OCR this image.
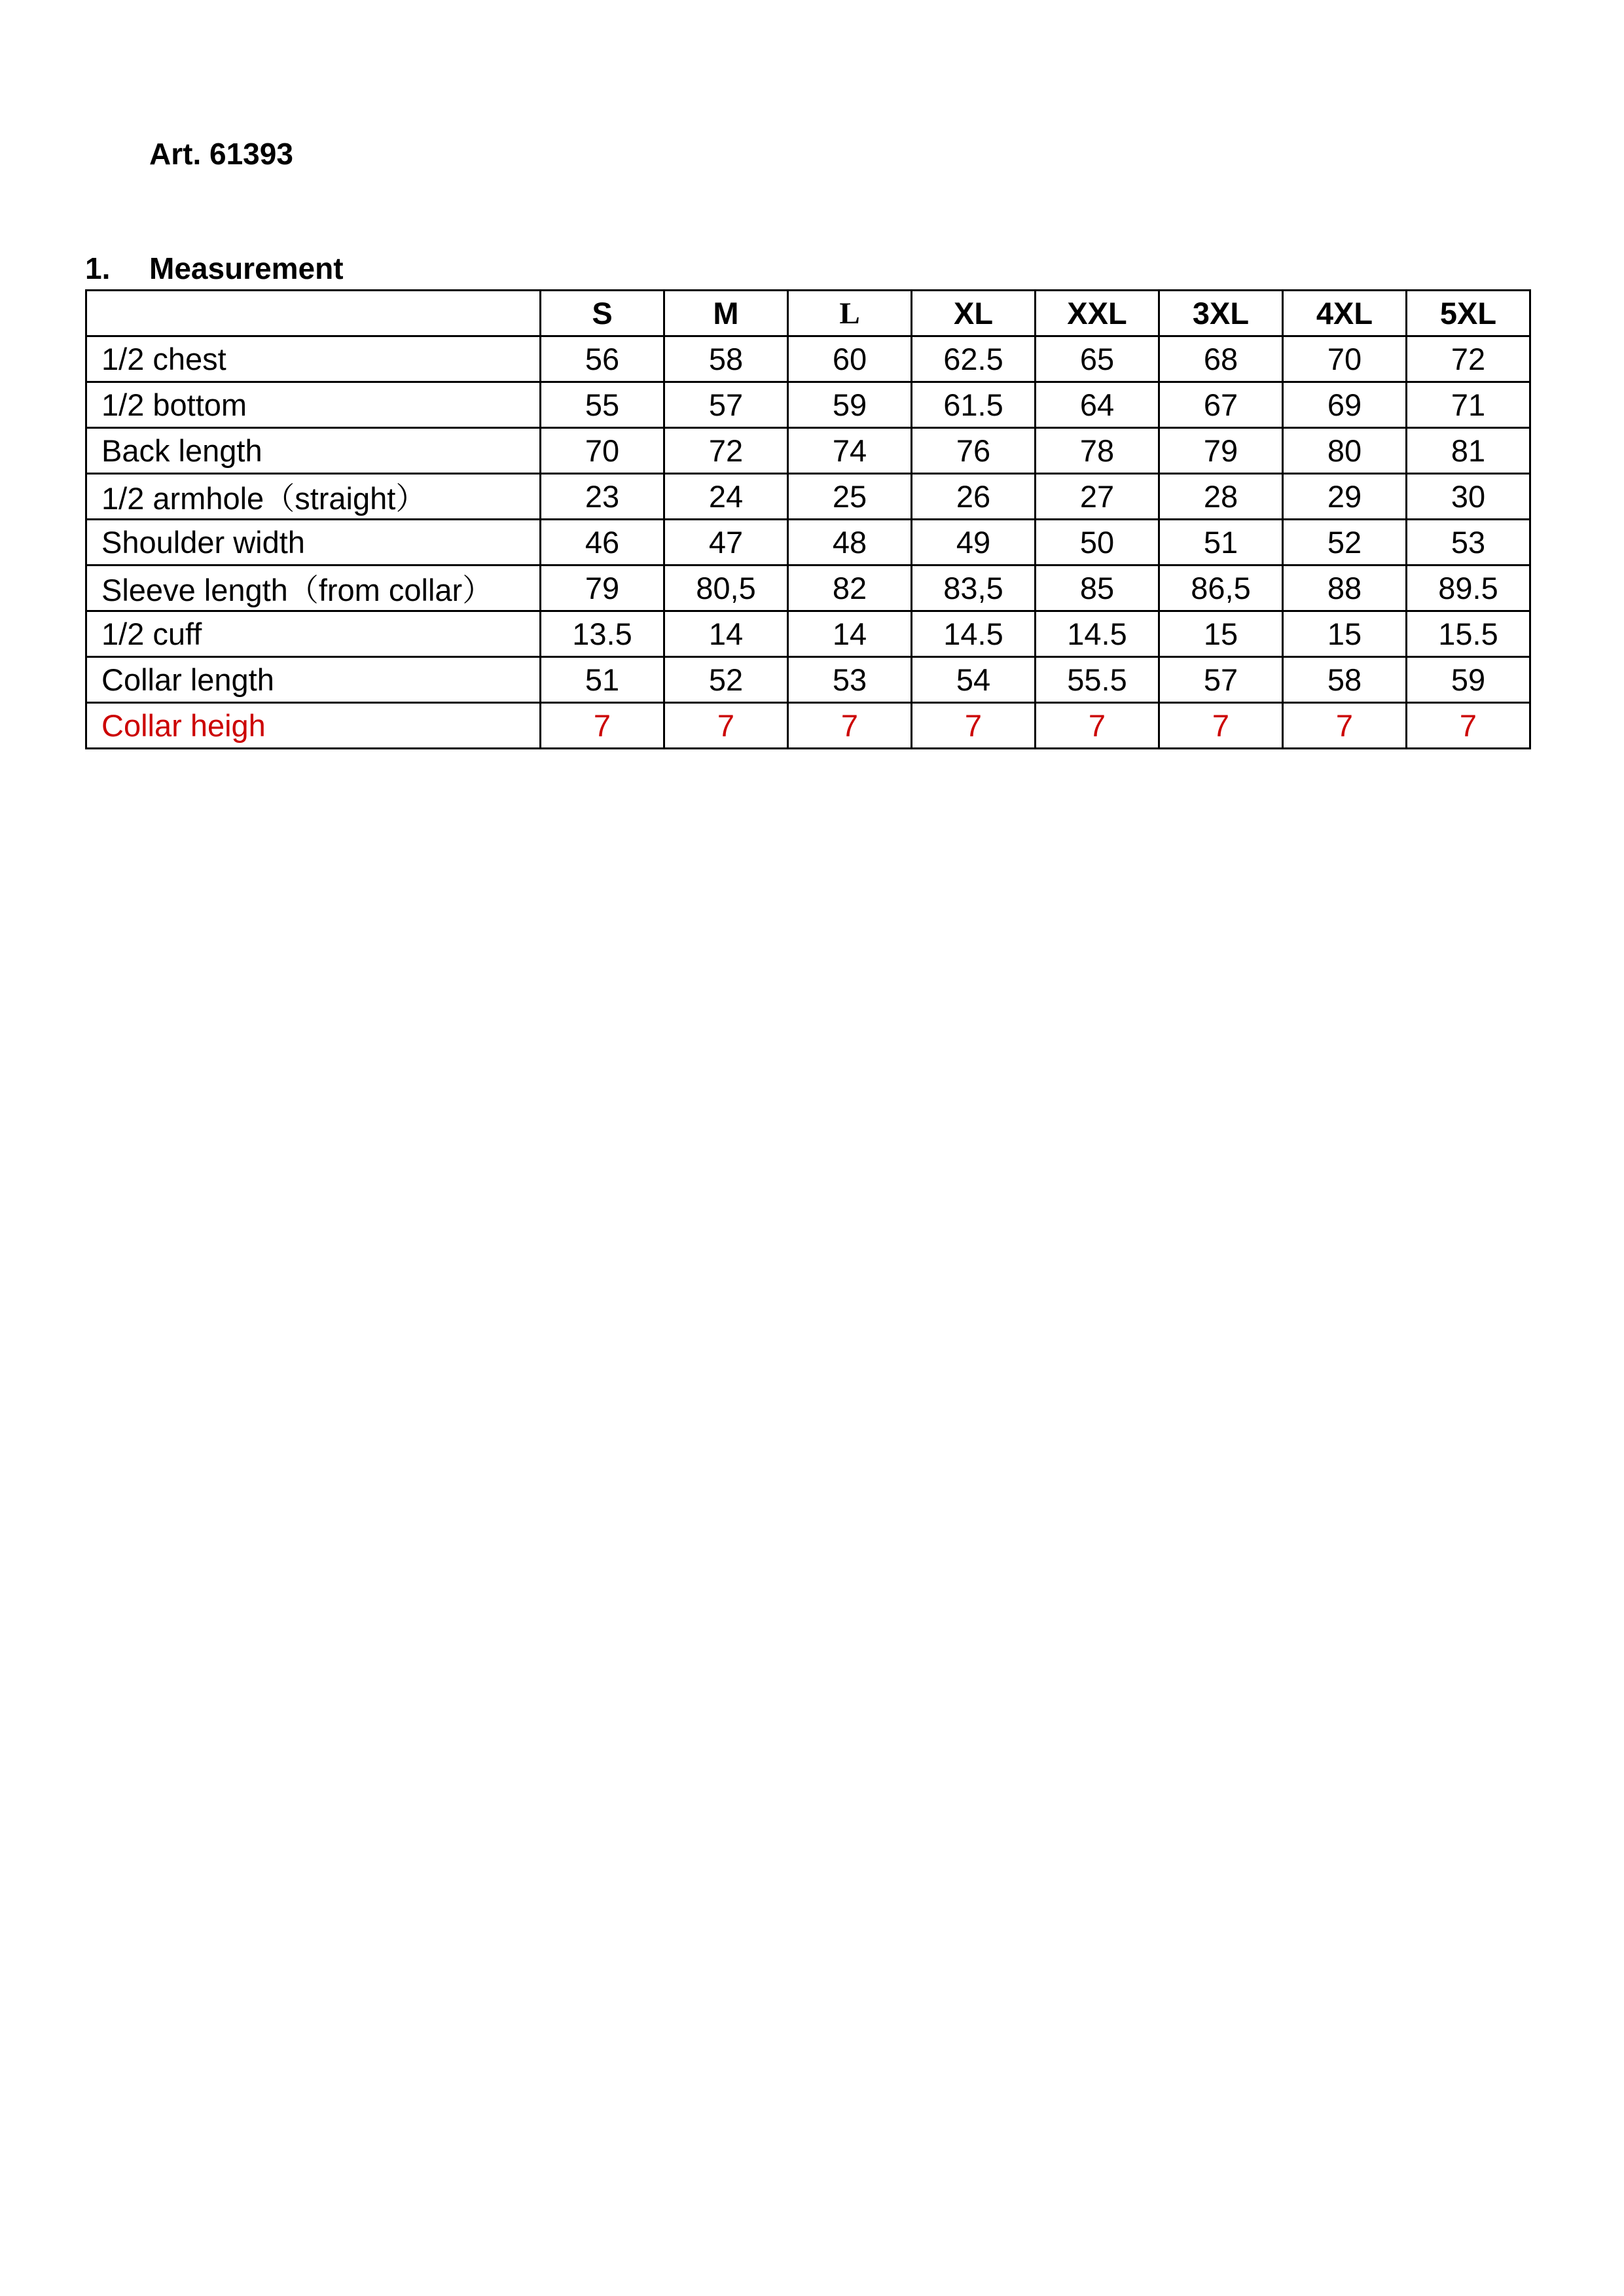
Art. 61393
1.	Measurement
	S	M	L	XL	XXL	3XL	4XL	5XL
1/2 chest	56	58	60	62.5	65	68	70	72
1/2 bottom	55	57	59	61.5	64	67	69	71
Back length	70	72	74	76	78	79	80	81
1/2 armhole（straight）	23	24	25	26	27	28	29	30
Shoulder width	46	47	48	49	50	51	52	53
Sleeve length（from collar）	79	80,5	82	83,5	85	86,5	88	89.5
1/2 cuff	13.5	14	14	14.5	14.5	15	15	15.5
Collar length	51	52	53	54	55.5	57	58	59
Collar heigh	7	7	7	7	7	7	7	7
